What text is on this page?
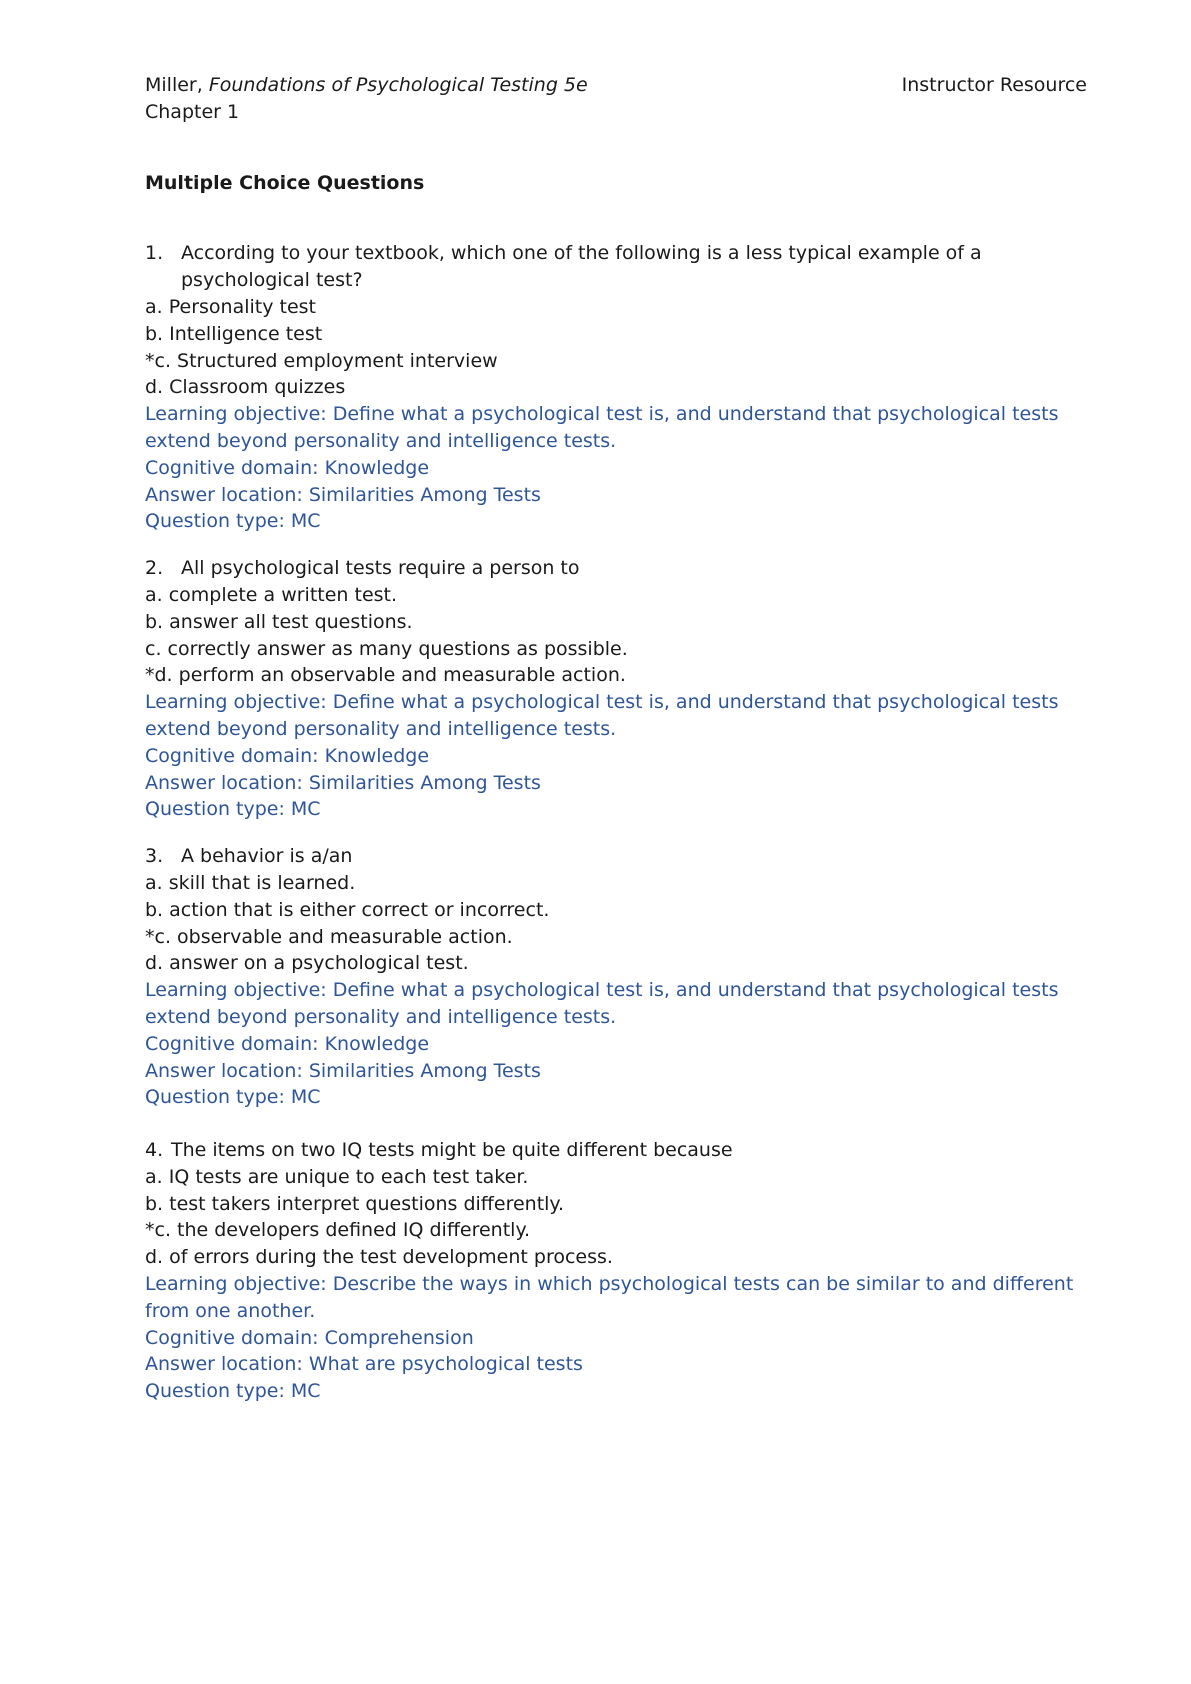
Miller, Foundations of Psychological Testing 5e	Instructor Resource
Chapter 1
Multiple Choice Questions
1. According to your textbook, which one of the following is a less typical example of a psychological test?
a. Personality test
b. Intelligence test
*c. Structured employment interview
d. Classroom quizzes
Learning objective: Define what a psychological test is, and understand that psychological tests extend beyond personality and intelligence tests.
Cognitive domain: Knowledge
Answer location: Similarities Among Tests
Question type: MC
2. All psychological tests require a person to
a. complete a written test.
b. answer all test questions.
c. correctly answer as many questions as possible.
*d. perform an observable and measurable action.
Learning objective: Define what a psychological test is, and understand that psychological tests extend beyond personality and intelligence tests.
Cognitive domain: Knowledge
Answer location: Similarities Among Tests
Question type: MC
3. A behavior is a/an
a. skill that is learned.
b. action that is either correct or incorrect.
*c. observable and measurable action.
d. answer on a psychological test.
Learning objective: Define what a psychological test is, and understand that psychological tests extend beyond personality and intelligence tests.
Cognitive domain: Knowledge
Answer location: Similarities Among Tests
Question type: MC
4. The items on two IQ tests might be quite different because
a. IQ tests are unique to each test taker.
b. test takers interpret questions differently.
*c. the developers defined IQ differently.
d. of errors during the test development process.
Learning objective: Describe the ways in which psychological tests can be similar to and different from one another.
Cognitive domain: Comprehension
Answer location: What are psychological tests
Question type: MC
